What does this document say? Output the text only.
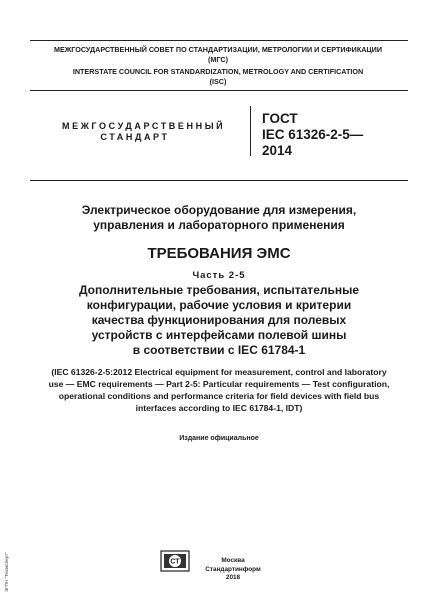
МЕЖГОСУДАРСТВЕННЫЙ СОВЕТ ПО СТАНДАРТИЗАЦИИ, МЕТРОЛОГИИ И СЕРТИФИКАЦИИ
(МГС)
INTERSTATE COUNCIL FOR STANDARDIZATION, METROLOGY AND CERTIFICATION
(ISC)
МЕЖГОСУДАРСТВЕННЫЙ
СТАНДАРТ
ГОСТ
IEC 61326-2-5—
2014
Электрическое оборудование для измерения,
управления и лабораторного применения
ТРЕБОВАНИЯ ЭМС
Часть 2-5
Дополнительные требования, испытательные
конфигурации, рабочие условия и критерии
качества функционирования для полевых
устройств с интерфейсами полевой шины
в соответствии с IEC 61784-1
(IEC 61326-2-5:2012 Electrical equipment for measurement, control and laboratory
use — EMC requirements — Part 2-5: Particular requirements — Test configuration,
operational conditions and performance criteria for field devices with field bus
interfaces according to IEC 61784-1, IDT)
Издание официальное
СТ	Москва
Стандартинформ
2018
ЭГПН "Техэксперт"
